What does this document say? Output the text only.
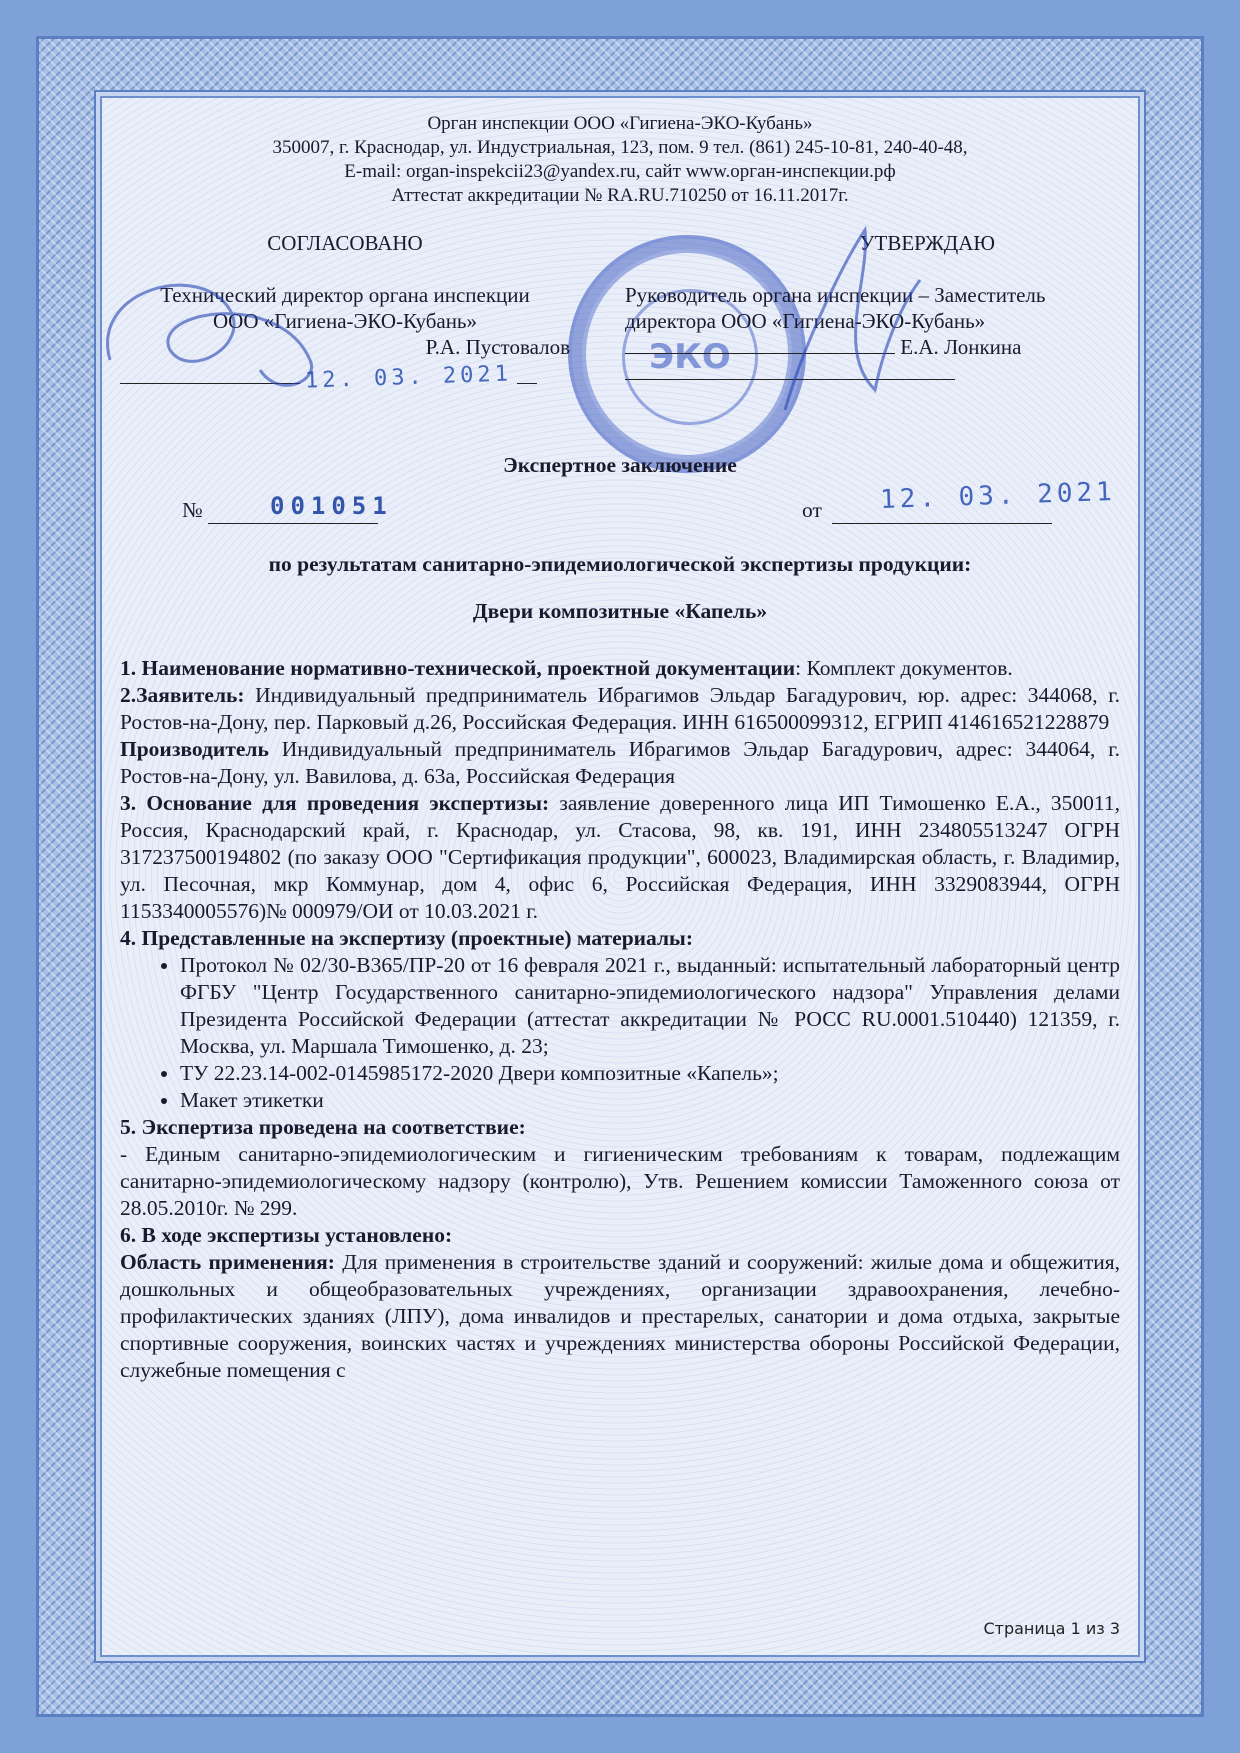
ЭКО
Орган инспекции ООО «Гигиена-ЭКО-Кубань»
350007, г. Краснодар, ул. Индустриальная, 123, пом. 9 тел. (861) 245-10-81, 240-40-48,
E-mail: organ-inspekcii23@yandex.ru, сайт www.орган-инспекции.рф
Аттестат аккредитации № RA.RU.710250 от 16.11.2017г.
СОГЛАСОВАНО
Технический директор органа инспекции
ООО «Гигиена-ЭКО-Кубань»
Р.А. Пустовалов
12. 03. 2021
УТВЕРЖДАЮ
Руководитель органа инспекции – Заместитель
директора ООО «Гигиена-ЭКО-Кубань»
Е.А. Лонкина
Экспертное заключение
№	001051	от 12. 03. 2021
по результатам санитарно-эпидемиологической экспертизы продукции:
Двери композитные «Капель»

1. Наименование нормативно-технической, проектной документации: Комплект документов.

2.Заявитель: Индивидуальный предприниматель Ибрагимов Эльдар Багадурович, юр. адрес: 344068, г. Ростов-на-Дону, пер. Парковый д.26, Российская Федерация. ИНН 616500099312, ЕГРИП 414616521228879

Производитель Индивидуальный предприниматель Ибрагимов Эльдар Багадурович, адрес: 344064, г. Ростов-на-Дону, ул. Вавилова, д. 63а, Российская Федерация

3. Основание для проведения экспертизы: заявление доверенного лица ИП Тимошенко Е.А., 350011, Россия, Краснодарский край, г. Краснодар, ул. Стасова, 98, кв. 191, ИНН 234805513247 ОГРН 317237500194802 (по заказу ООО "Сертификация продукции", 600023, Владимирская область, г. Владимир, ул. Песочная, мкр Коммунар, дом 4, офис 6, Российская Федерация, ИНН 3329083944, ОГРН 1153340005576)№ 000979/ОИ от 10.03.2021 г.

4. Представленные на экспертизу (проектные) материалы:

• Протокол № 02/30-В365/ПР-20 от 16 февраля 2021 г., выданный: испытательный лабораторный центр ФГБУ "Центр Государственного санитарно-эпидемиологического надзора" Управления делами Президента Российской Федерации (аттестат аккредитации № РОСС RU.0001.510440) 121359, г. Москва, ул. Маршала Тимошенко, д. 23;
• ТУ 22.23.14-002-0145985172-2020 Двери композитные «Капель»;
• Макет этикетки

5. Экспертиза проведена на соответствие:

- Единым санитарно-эпидемиологическим и гигиеническим требованиям к товарам, подлежащим санитарно-эпидемиологическому надзору (контролю), Утв. Решением комиссии Таможенного союза от 28.05.2010г. № 299.

6. В ходе экспертизы установлено:

Область применения: Для применения в строительстве зданий и сооружений: жилые дома и общежития, дошкольных и общеобразовательных учреждениях, организации здравоохранения, лечебно-профилактических зданиях (ЛПУ), дома инвалидов и престарелых, санатории и дома отдыха, закрытые спортивные сооружения, воинских частях и учреждениях министерства обороны Российской Федерации, служебные помещения с

Страница 1 из 3
